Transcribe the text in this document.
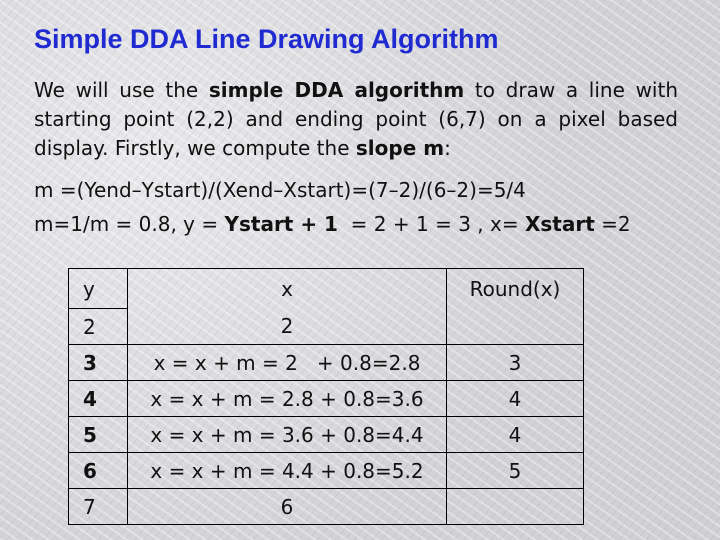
Simple DDA Line Drawing Algorithm
We will use the simple DDA algorithm to draw a line with starting point (2,2) and ending point (6,7) on a pixel based display. Firstly, we compute the slope m:
m =(Yend–Ystart)/(Xend–Xstart)=(7–2)/(6–2)=5/4
m=1/m = 0.8, y = Ystart + 1  = 2 + 1 = 3 , x= Xstart =2
y	x	Round(x)
2	2	
3	x = x + m = 2   + 0.8=2.8	3
4	x = x + m = 2.8 + 0.8=3.6	4
5	x = x + m = 3.6 + 0.8=4.4	4
6	x = x + m = 4.4 + 0.8=5.2	5
7	6	
